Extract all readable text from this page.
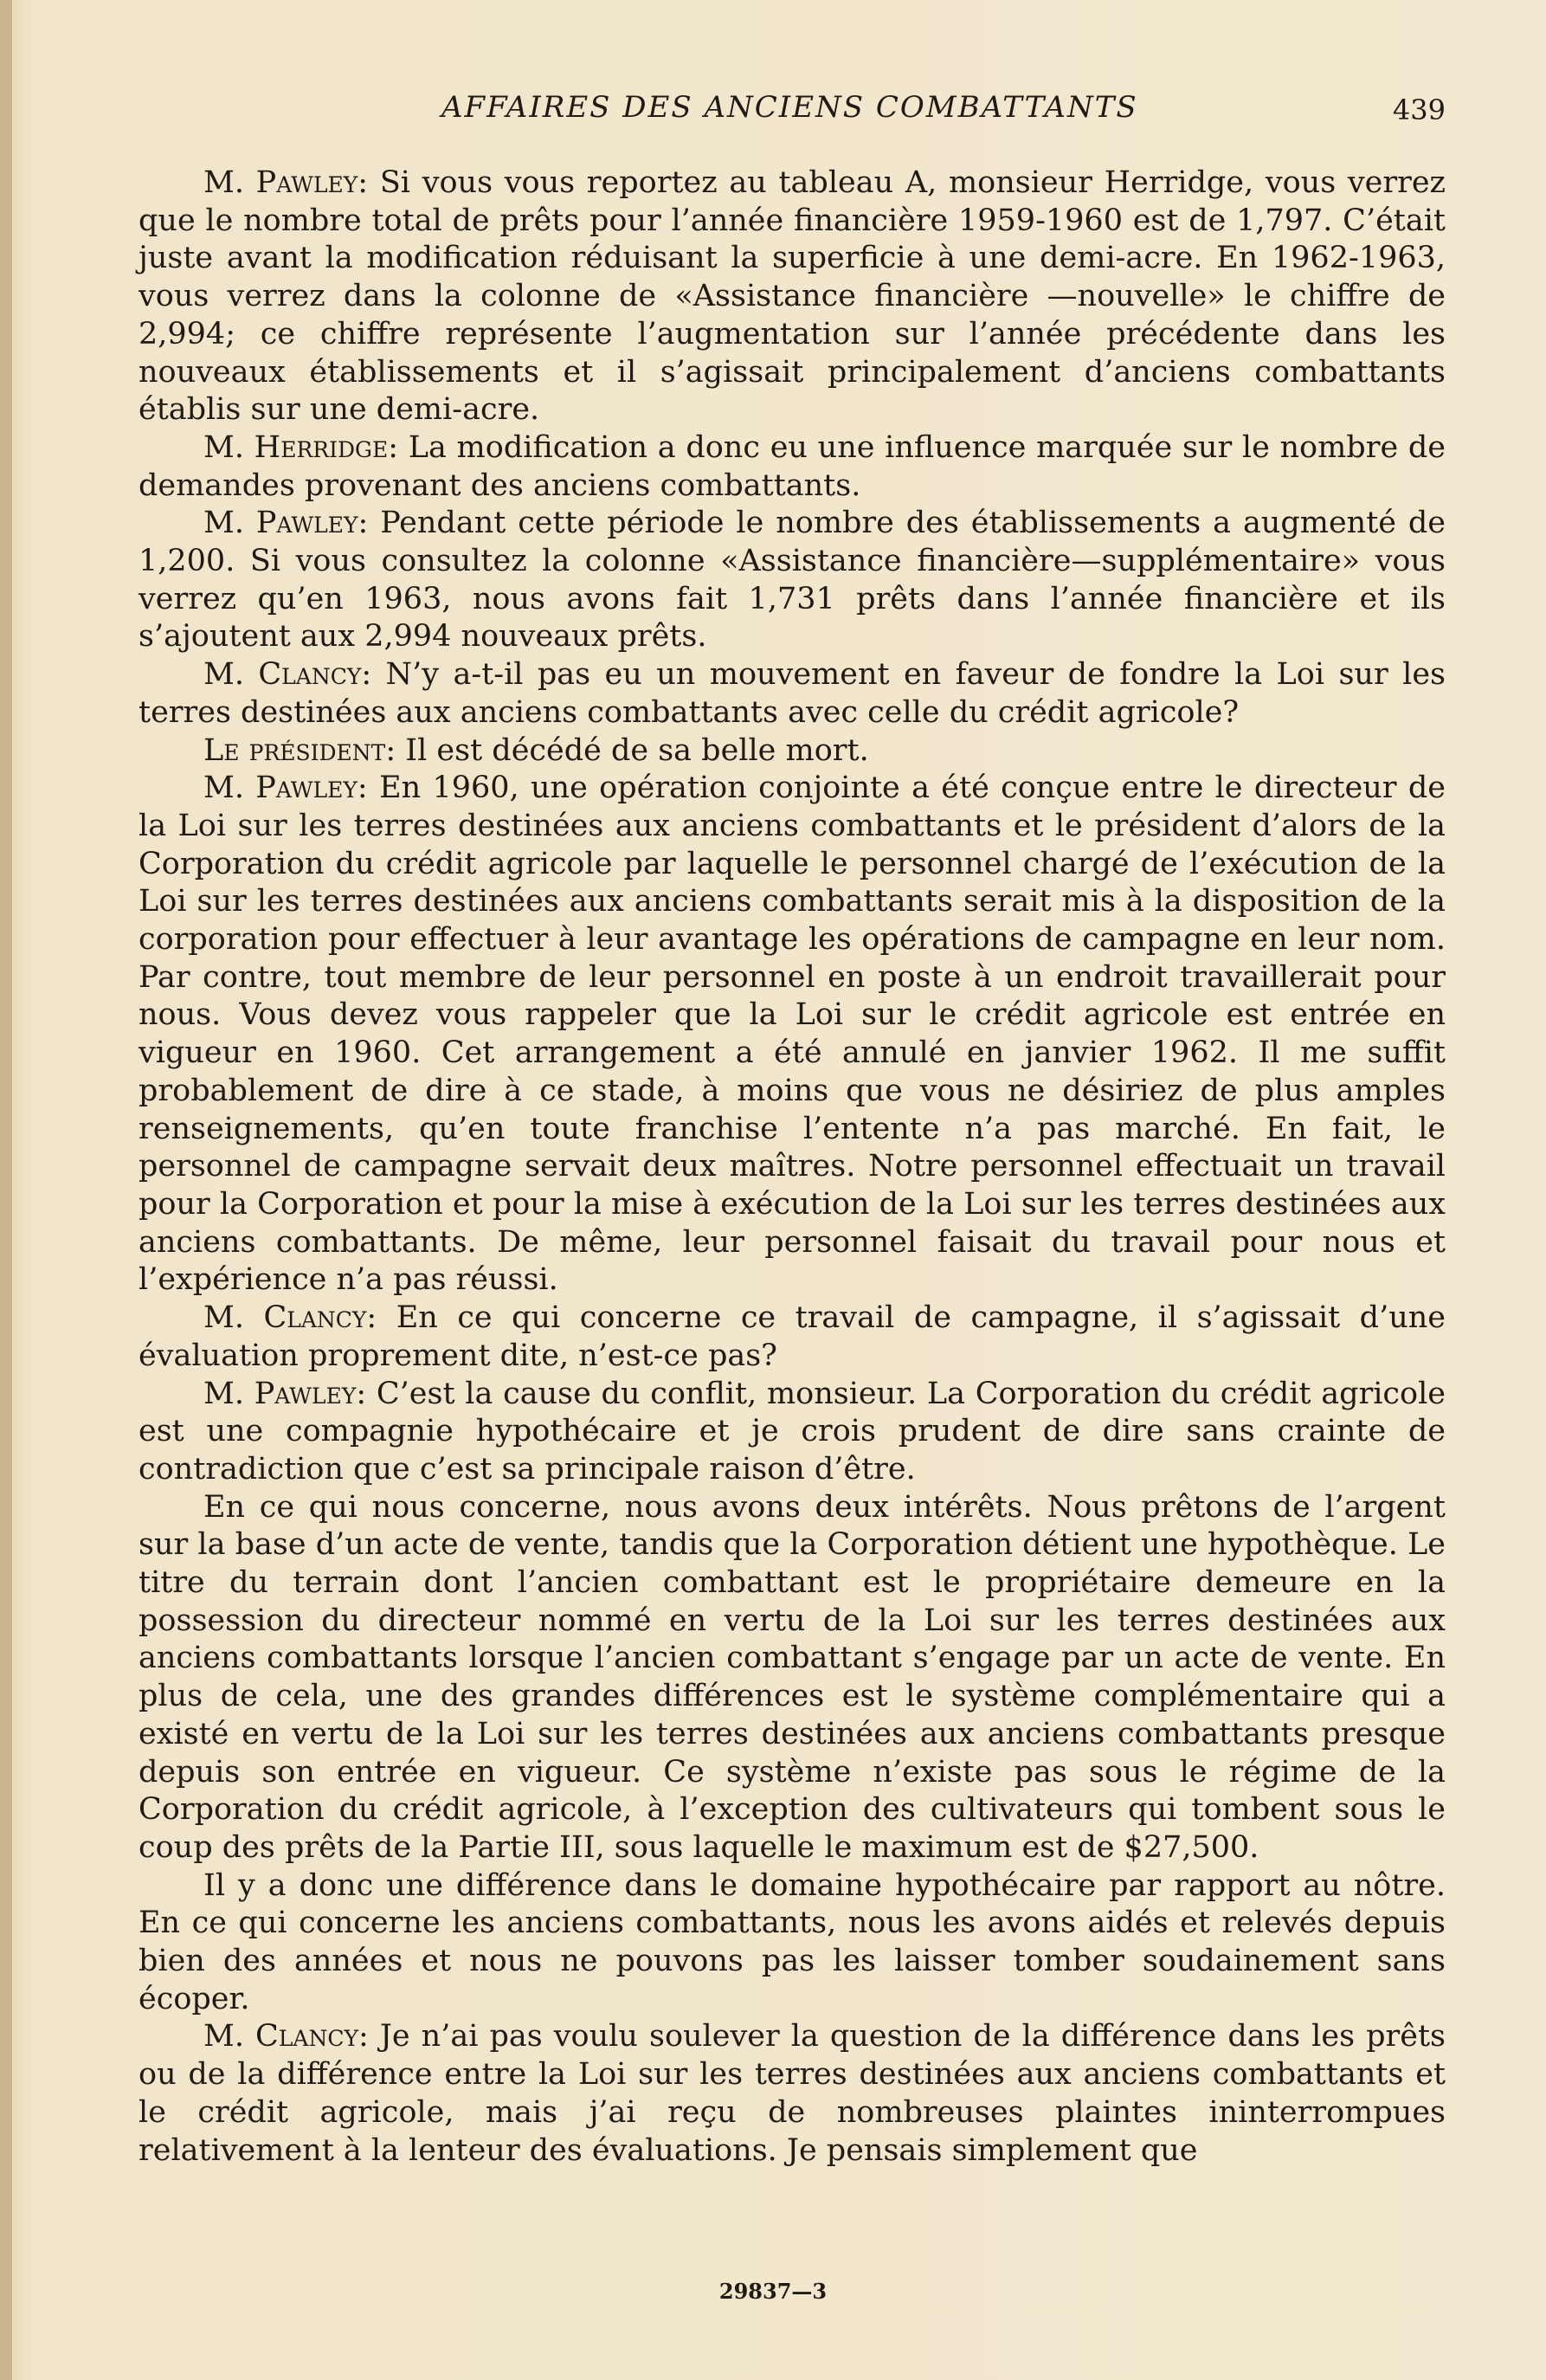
AFFAIRES DES ANCIENS COMBATTANTS	439

M. Pawley: Si vous vous reportez au tableau A, monsieur Herridge, vous verrez que le nombre total de prêts pour l’année financière 1959-1960 est de 1,797. C’était juste avant la modification réduisant la superficie à une demi-acre. En 1962-1963, vous verrez dans la colonne de «Assistance financière —nouvelle» le chiffre de 2,994; ce chiffre représente l’augmentation sur l’année précédente dans les nouveaux établissements et il s’agissait principalement d’anciens combattants établis sur une demi-acre.

M. Herridge: La modification a donc eu une influence marquée sur le nombre de demandes provenant des anciens combattants.

M. Pawley: Pendant cette période le nombre des établissements a augmenté de 1,200. Si vous consultez la colonne «Assistance financière—supplémentaire» vous verrez qu’en 1963, nous avons fait 1,731 prêts dans l’année financière et ils s’ajoutent aux 2,994 nouveaux prêts.

M. Clancy: N’y a-t-il pas eu un mouvement en faveur de fondre la Loi sur les terres destinées aux anciens combattants avec celle du crédit agricole?

Le président: Il est décédé de sa belle mort.

M. Pawley: En 1960, une opération conjointe a été conçue entre le directeur de la Loi sur les terres destinées aux anciens combattants et le président d’alors de la Corporation du crédit agricole par laquelle le personnel chargé de l’exécution de la Loi sur les terres destinées aux anciens combattants serait mis à la disposition de la corporation pour effectuer à leur avantage les opérations de campagne en leur nom. Par contre, tout membre de leur personnel en poste à un endroit travaillerait pour nous. Vous devez vous rappeler que la Loi sur le crédit agricole est entrée en vigueur en 1960. Cet arrangement a été annulé en janvier 1962. Il me suffit probablement de dire à ce stade, à moins que vous ne désiriez de plus amples renseignements, qu’en toute franchise l’entente n’a pas marché. En fait, le personnel de campagne servait deux maîtres. Notre personnel effectuait un travail pour la Corporation et pour la mise à exécution de la Loi sur les terres destinées aux anciens combattants. De même, leur personnel faisait du travail pour nous et l’expérience n’a pas réussi.

M. Clancy: En ce qui concerne ce travail de campagne, il s’agissait d’une évaluation proprement dite, n’est-ce pas?

M. Pawley: C’est la cause du conflit, monsieur. La Corporation du crédit agricole est une compagnie hypothécaire et je crois prudent de dire sans crainte de contradiction que c’est sa principale raison d’être.

En ce qui nous concerne, nous avons deux intérêts. Nous prêtons de l’argent sur la base d’un acte de vente, tandis que la Corporation détient une hypothèque. Le titre du terrain dont l’ancien combattant est le propriétaire demeure en la possession du directeur nommé en vertu de la Loi sur les terres destinées aux anciens combattants lorsque l’ancien combattant s’engage par un acte de vente. En plus de cela, une des grandes différences est le système complémentaire qui a existé en vertu de la Loi sur les terres destinées aux anciens combattants presque depuis son entrée en vigueur. Ce système n’existe pas sous le régime de la Corporation du crédit agricole, à l’exception des cultivateurs qui tombent sous le coup des prêts de la Partie III, sous laquelle le maximum est de $27,500.

Il y a donc une différence dans le domaine hypothécaire par rapport au nôtre. En ce qui concerne les anciens combattants, nous les avons aidés et relevés depuis bien des années et nous ne pouvons pas les laisser tomber soudainement sans écoper.

M. Clancy: Je n’ai pas voulu soulever la question de la différence dans les prêts ou de la différence entre la Loi sur les terres destinées aux anciens combattants et le crédit agricole, mais j’ai reçu de nombreuses plaintes ininterrompues relativement à la lenteur des évaluations. Je pensais simplement que

29837—3
